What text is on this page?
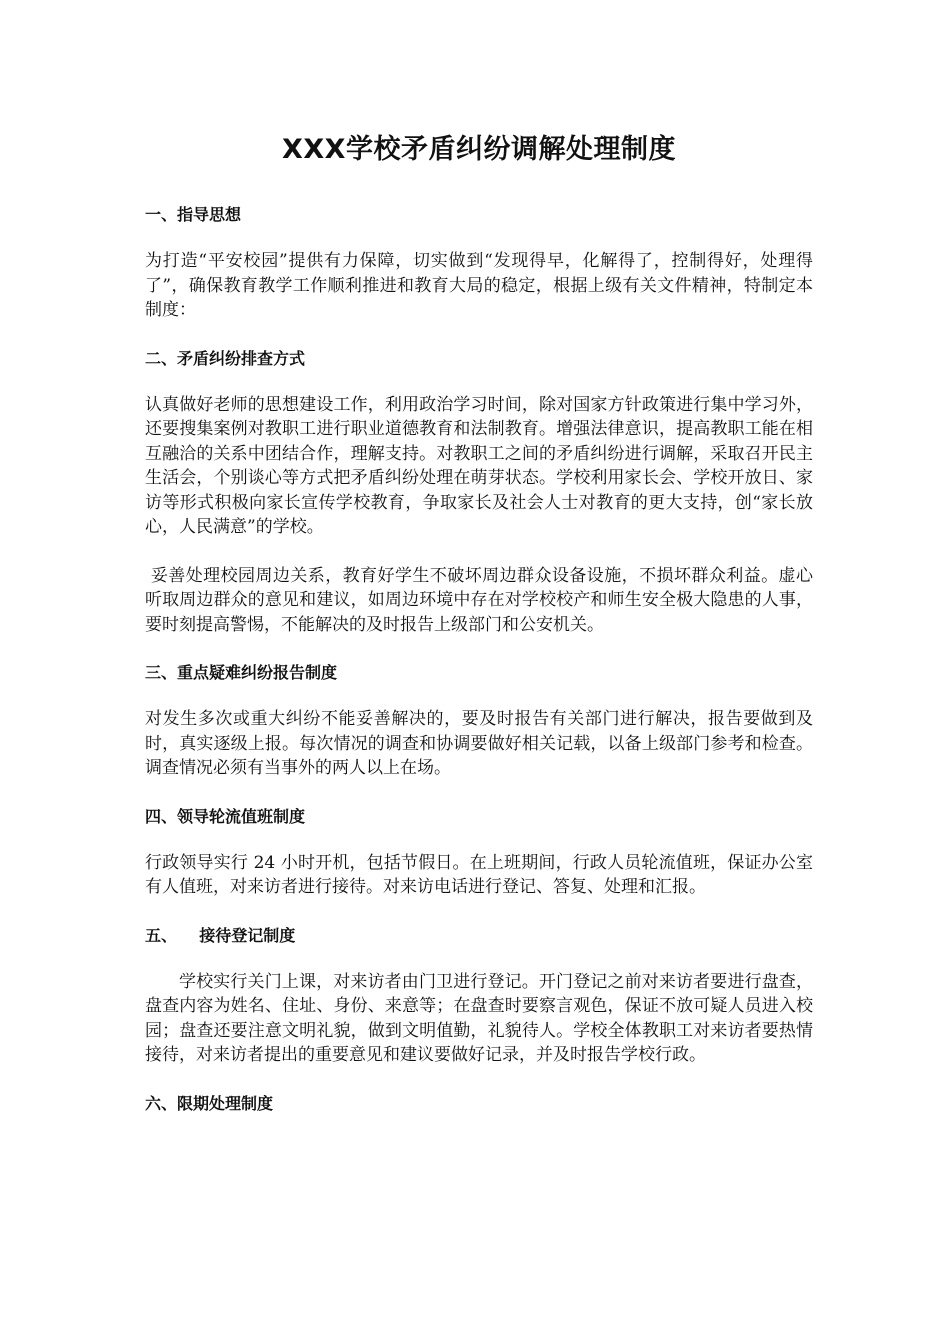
XXX学校矛盾纠纷调解处理制度
一、指导思想

为打造“平安校园”提供有力保障，切实做到“发现得早，化解得了，控制得好，处理得了”，确保教育教学工作顺利推进和教育大局的稳定，根据上级有关文件精神，特制定本制度：

二、矛盾纠纷排查方式

认真做好老师的思想建设工作，利用政治学习时间，除对国家方针政策进行集中学习外，还要搜集案例对教职工进行职业道德教育和法制教育。增强法律意识，提高教职工能在相互融洽的关系中团结合作，理解支持。对教职工之间的矛盾纠纷进行调解，采取召开民主生活会，个别谈心等方式把矛盾纠纷处理在萌芽状态。学校利用家长会、学校开放日、家访等形式积极向家长宣传学校教育，争取家长及社会人士对教育的更大支持，创“家长放心，人民满意”的学校。

妥善处理校园周边关系，教育好学生不破坏周边群众设备设施，不损坏群众利益。虚心听取周边群众的意见和建议，如周边环境中存在对学校校产和师生安全极大隐患的人事，要时刻提高警惕，不能解决的及时报告上级部门和公安机关。

三、重点疑难纠纷报告制度

对发生多次或重大纠纷不能妥善解决的，要及时报告有关部门进行解决，报告要做到及时，真实逐级上报。每次情况的调查和协调要做好相关记载，以备上级部门参考和检查。调查情况必须有当事外的两人以上在场。

四、领导轮流值班制度

行政领导实行 24 小时开机，包括节假日。在上班期间，行政人员轮流值班，保证办公室有人值班，对来访者进行接待。对来访电话进行登记、答复、处理和汇报。

五、    接待登记制度

学校实行关门上课，对来访者由门卫进行登记。开门登记之前对来访者要进行盘查，盘查内容为姓名、住址、身份、来意等；在盘查时要察言观色，保证不放可疑人员进入校园；盘查还要注意文明礼貌，做到文明值勤，礼貌待人。学校全体教职工对来访者要热情接待，对来访者提出的重要意见和建议要做好记录，并及时报告学校行政。

六、限期处理制度
